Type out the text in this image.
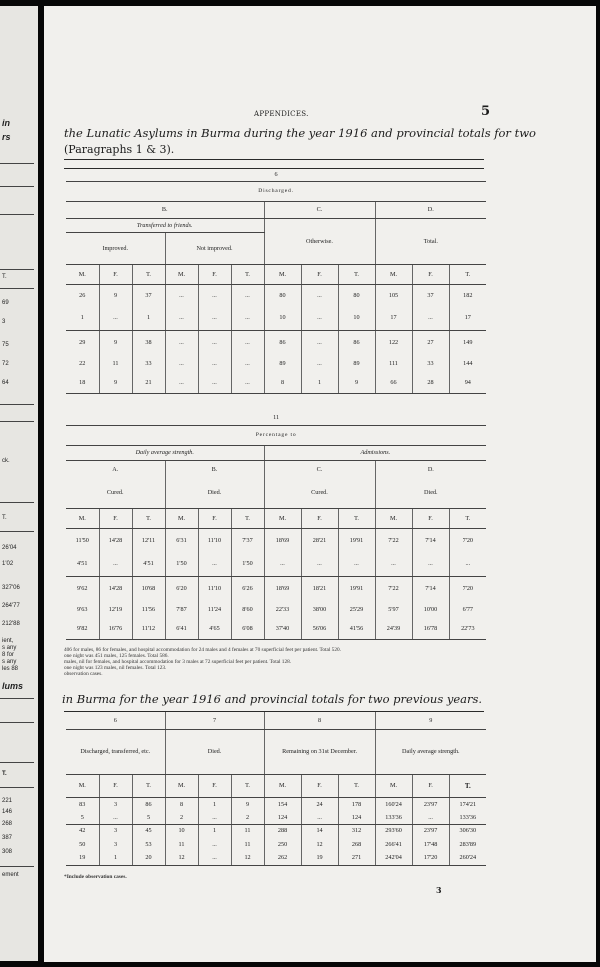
in
rs
T.
69
3
75
72
64
ck.
T.
26'04
1'02
327'06
264'77
212'88
ient,
s any
8 for
s any
les 88
lums
T.
221
146
268
387
308
ement
APPENDICES.	5
the Lunatic Asylums in Burma during the year 1916 and provincial totals for two
(Paragraphs 1 & 3).
6											
Discharged.											
B.						C.			D.		
Transferred to friends.						Otherwise.			Total.		
Improved.			Not improved.								
M.	F.	T.	M.	F.	T.	M.	F.	T.	M.	F.	T.
26	9	37	...	...	...	80	...	80	105	37	182
1	...	1	...	...	...	10	...	10	17	...	17
29	9	38	...	...	...	86	...	86	122	27	149
22	11	33	...	...	...	89	...	89	111	33	144
18	9	21	...	...	...	8	1	9	66	28	94
11											
Percentage to											
Daily average strength.						Admissions.					
A.			B.			C.			D.		
Cured.			Died.			Cured.			Died.		
M.	F.	T.	M.	F.	T.	M.	F.	T.	M.	F.	T.
11'50	14'28	12'11	6'31	11'10	7'37	18'69	28'21	19'91	7'22	7'14	7'20
4'51	...	4'51	1'50	...	1'50	...	...	...	...	...	...
9'62	14'28	10'68	6'20	11'10	6'26	18'69	18'21	19'91	7'22	7'14	7'20
9'63	12'19	11'56	7'87	11'24	8'60	22'33	38'00	25'29	5'97	10'00	6'77
9'82	16'76	11'12	6'41	4'65	6'08	37'40	56'06	41'56	24'39	16'78	22'73
406 for males, 86 for females, and hospital accommodation for 24 males and 4 females at 70 superficial feet per patient. Total 520.
one night was 451 males, 125 females. Total 586.
males, nil for females, and hospital accommodation for 3 males at 72 superficial feet per patient. Total 128.
one night was 123 males, nil females. Total 123.
observation cases.
in Burma for the year 1916 and provincial totals for two previous years.
6			7			8			9		
Discharged, transferred, etc.			Died.			Remaining on 31st December.			Daily average strength.		
M.	F.	T.	M.	F.	T.	M.	F.	T.	M.	F.	T.
83	3	86	8	1	9	154	24	178	160'24	23'97	174'21
5	...	5	2	...	2	124	...	124	133'36	...	133'36
42	3	45	10	1	11	288	14	312	293'60	23'97	306'30
50	3	53	11	...	11	250	12	268	266'41	17'48	283'89
19	1	20	12	...	12	262	19	271	242'04	17'20	260'24
*Include observation cases.
3
